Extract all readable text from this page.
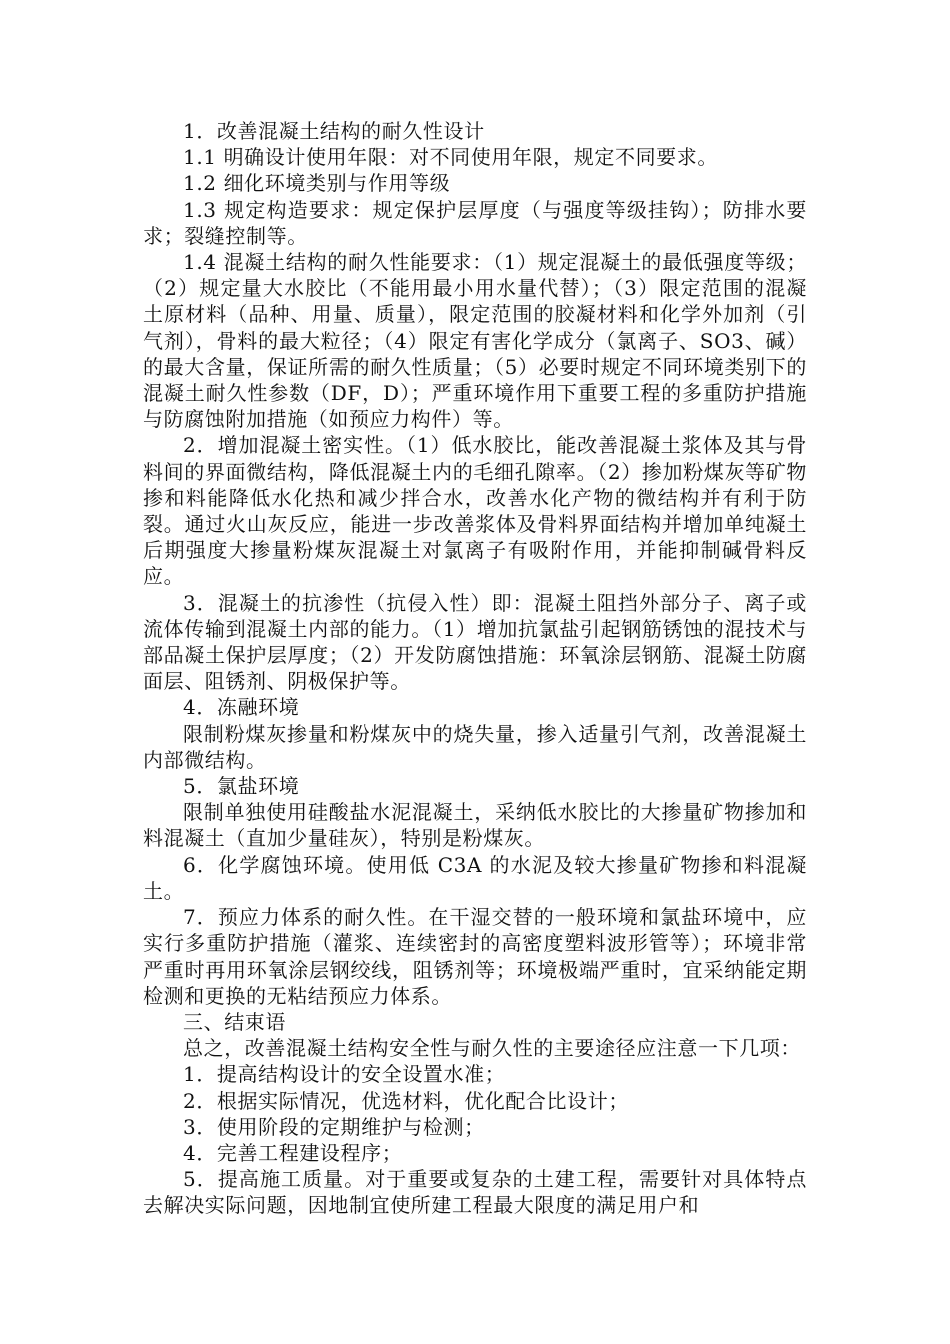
1．改善混凝土结构的耐久性设计

1.1 明确设计使用年限：对不同使用年限，规定不同要求。

1.2 细化环境类别与作用等级

1.3 规定构造要求：规定保护层厚度（与强度等级挂钩）；防排水要求；裂缝控制等。

1.4 混凝土结构的耐久性能要求：（1）规定混凝土的最低强度等级；（2）规定量大水胶比（不能用最小用水量代替）；（3）限定范围的混凝土原材料（品种、用量、质量），限定范围的胶凝材料和化学外加剂（引气剂），骨料的最大粒径；（4）限定有害化学成分（氯离子、SO3、碱）的最大含量，保证所需的耐久性质量；（5）必要时规定不同环境类别下的混凝土耐久性参数（DF，D）；严重环境作用下重要工程的多重防护措施与防腐蚀附加措施（如预应力构件）等。

2．增加混凝土密实性。（1）低水胶比，能改善混凝土浆体及其与骨料间的界面微结构，降低混凝土内的毛细孔隙率。（2）掺加粉煤灰等矿物掺和料能降低水化热和减少拌合水，改善水化产物的微结构并有利于防裂。通过火山灰反应，能进一步改善浆体及骨料界面结构并增加单纯凝土后期强度大掺量粉煤灰混凝土对氯离子有吸附作用，并能抑制碱骨料反应。

3．混凝土的抗渗性（抗侵入性）即：混凝土阻挡外部分子、离子或流体传输到混凝土内部的能力。（1）增加抗氯盐引起钢筋锈蚀的混技术与部品凝土保护层厚度；（2）开发防腐蚀措施：环氧涂层钢筋、混凝土防腐面层、阻锈剂、阴极保护等。

4．冻融环境

限制粉煤灰掺量和粉煤灰中的烧失量，掺入适量引气剂，改善混凝土内部微结构。

5．氯盐环境

限制单独使用硅酸盐水泥混凝土，采纳低水胶比的大掺量矿物掺加和料混凝土（直加少量硅灰），特别是粉煤灰。

6．化学腐蚀环境。使用低 C3A 的水泥及较大掺量矿物掺和料混凝土。

7．预应力体系的耐久性。在干湿交替的一般环境和氯盐环境中，应实行多重防护措施（灌浆、连续密封的高密度塑料波形管等）；环境非常严重时再用环氧涂层钢绞线，阻锈剂等；环境极端严重时，宜采纳能定期检测和更换的无粘结预应力体系。

三、结束语

总之，改善混凝土结构安全性与耐久性的主要途径应注意一下几项：

1．提高结构设计的安全设置水准；

2．根据实际情况，优选材料，优化配合比设计；

3．使用阶段的定期维护与检测；

4．完善工程建设程序；

5．提高施工质量。对于重要或复杂的土建工程，需要针对具体特点去解决实际问题，因地制宜使所建工程最大限度的满足用户和
